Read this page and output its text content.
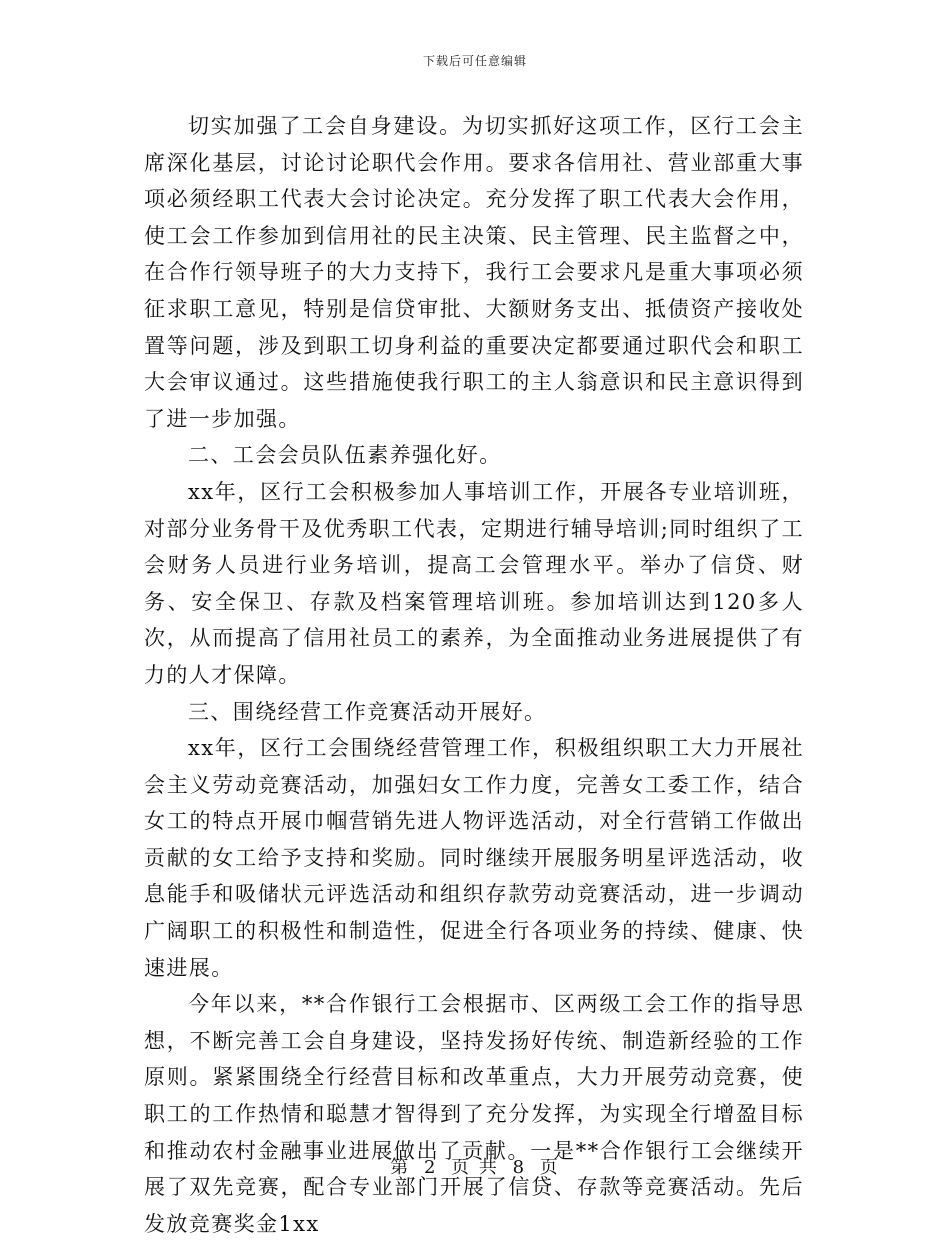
下载后可任意编辑

切实加强了工会自身建设。为切实抓好这项工作，区行工会主席深化基层，讨论讨论职代会作用。要求各信用社、营业部重大事项必须经职工代表大会讨论决定。充分发挥了职工代表大会作用，使工会工作参加到信用社的民主决策、民主管理、民主监督之中，在合作行领导班子的大力支持下，我行工会要求凡是重大事项必须征求职工意见，特别是信贷审批、大额财务支出、抵债资产接收处置等问题，涉及到职工切身利益的重要决定都要通过职代会和职工大会审议通过。这些措施使我行职工的主人翁意识和民主意识得到了进一步加强。

二、工会会员队伍素养强化好。

xx年，区行工会积极参加人事培训工作，开展各专业培训班，对部分业务骨干及优秀职工代表，定期进行辅导培训;同时组织了工会财务人员进行业务培训，提高工会管理水平。举办了信贷、财务、安全保卫、存款及档案管理培训班。参加培训达到120多人次，从而提高了信用社员工的素养，为全面推动业务进展提供了有力的人才保障。

三、围绕经营工作竞赛活动开展好。

xx年，区行工会围绕经营管理工作，积极组织职工大力开展社会主义劳动竞赛活动，加强妇女工作力度，完善女工委工作，结合女工的特点开展巾帼营销先进人物评选活动，对全行营销工作做出贡献的女工给予支持和奖励。同时继续开展服务明星评选活动，收息能手和吸储状元评选活动和组织存款劳动竞赛活动，进一步调动广阔职工的积极性和制造性，促进全行各项业务的持续、健康、快速进展。

今年以来，**合作银行工会根据市、区两级工会工作的指导思想，不断完善工会自身建设，坚持发扬好传统、制造新经验的工作原则。紧紧围绕全行经营目标和改革重点，大力开展劳动竞赛，使职工的工作热情和聪慧才智得到了充分发挥，为实现全行增盈目标和推动农村金融事业进展做出了贡献。一是**合作银行工会继续开展了双先竞赛，配合专业部门开展了信贷、存款等竞赛活动。先后发放竞赛奖金1xx

第 2 页 共 8 页
